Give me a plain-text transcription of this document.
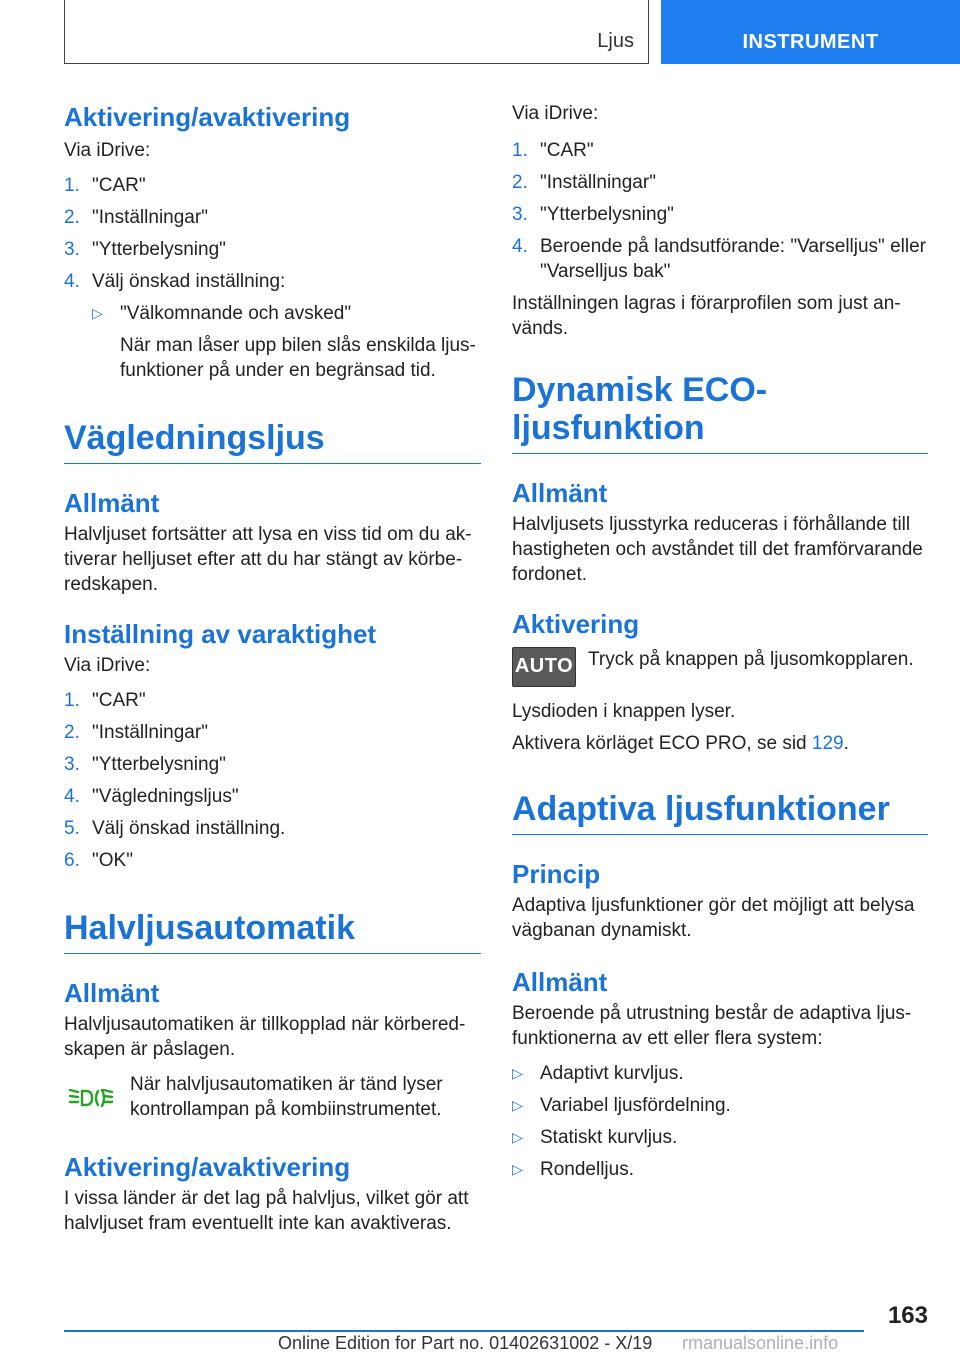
Ljus	INSTRUMENT
Aktivering/avaktivering

Via iDrive:

1. "CAR"
2. "Inställningar"
3. "Ytterbelysning"
4. Välj önskad inställning:
▷ "Välkomnande och avsked"

När man låser upp bilen slås enskilda ljus-funktioner på under en begränsad tid.

Vägledningsljus
Allmänt

Halvljuset fortsätter att lysa en viss tid om du ak-tiverar helljuset efter att du har stängt av körbe-redskapen.

Inställning av varaktighet

Via iDrive:

1. "CAR"
2. "Inställningar"
3. "Ytterbelysning"
4. "Vägledningsljus"
5. Välj önskad inställning.
6. "OK"
Halvljusautomatik
Allmänt

Halvljusautomatiken är tillkopplad när körbered-skapen är påslagen.

När halvljusautomatiken är tänd lyser kontrollampan på kombiinstrumentet.

Aktivering/avaktivering

I vissa länder är det lag på halvljus, vilket gör att halvljuset fram eventuellt inte kan avaktiveras.

Via iDrive:

1. "CAR"
2. "Inställningar"
3. "Ytterbelysning"
4. Beroende på landsutförande: "Varselljus" eller "Varselljus bak"

Inställningen lagras i förarprofilen som just an-vänds.

Dynamisk ECO-ljusfunktion
Allmänt

Halvljusets ljusstyrka reduceras i förhållande till hastigheten och avståndet till det framförvarande fordonet.

Aktivering
AUTO Tryck på knappen på ljusomkopplaren.

Lysdioden i knappen lyser.

Aktivera körläget ECO PRO, se sid 129.

Adaptiva ljusfunktioner
Princip

Adaptiva ljusfunktioner gör det möjligt att belysa vägbanan dynamiskt.

Allmänt

Beroende på utrustning består de adaptiva ljus-funktionerna av ett eller flera system:

▷ Adaptivt kurvljus.
▷ Variabel ljusfördelning.
▷ Statiskt kurvljus.
▷ Rondelljus.
163
Online Edition for Part no. 01402631002 - X/19 rmanualsonline.info
